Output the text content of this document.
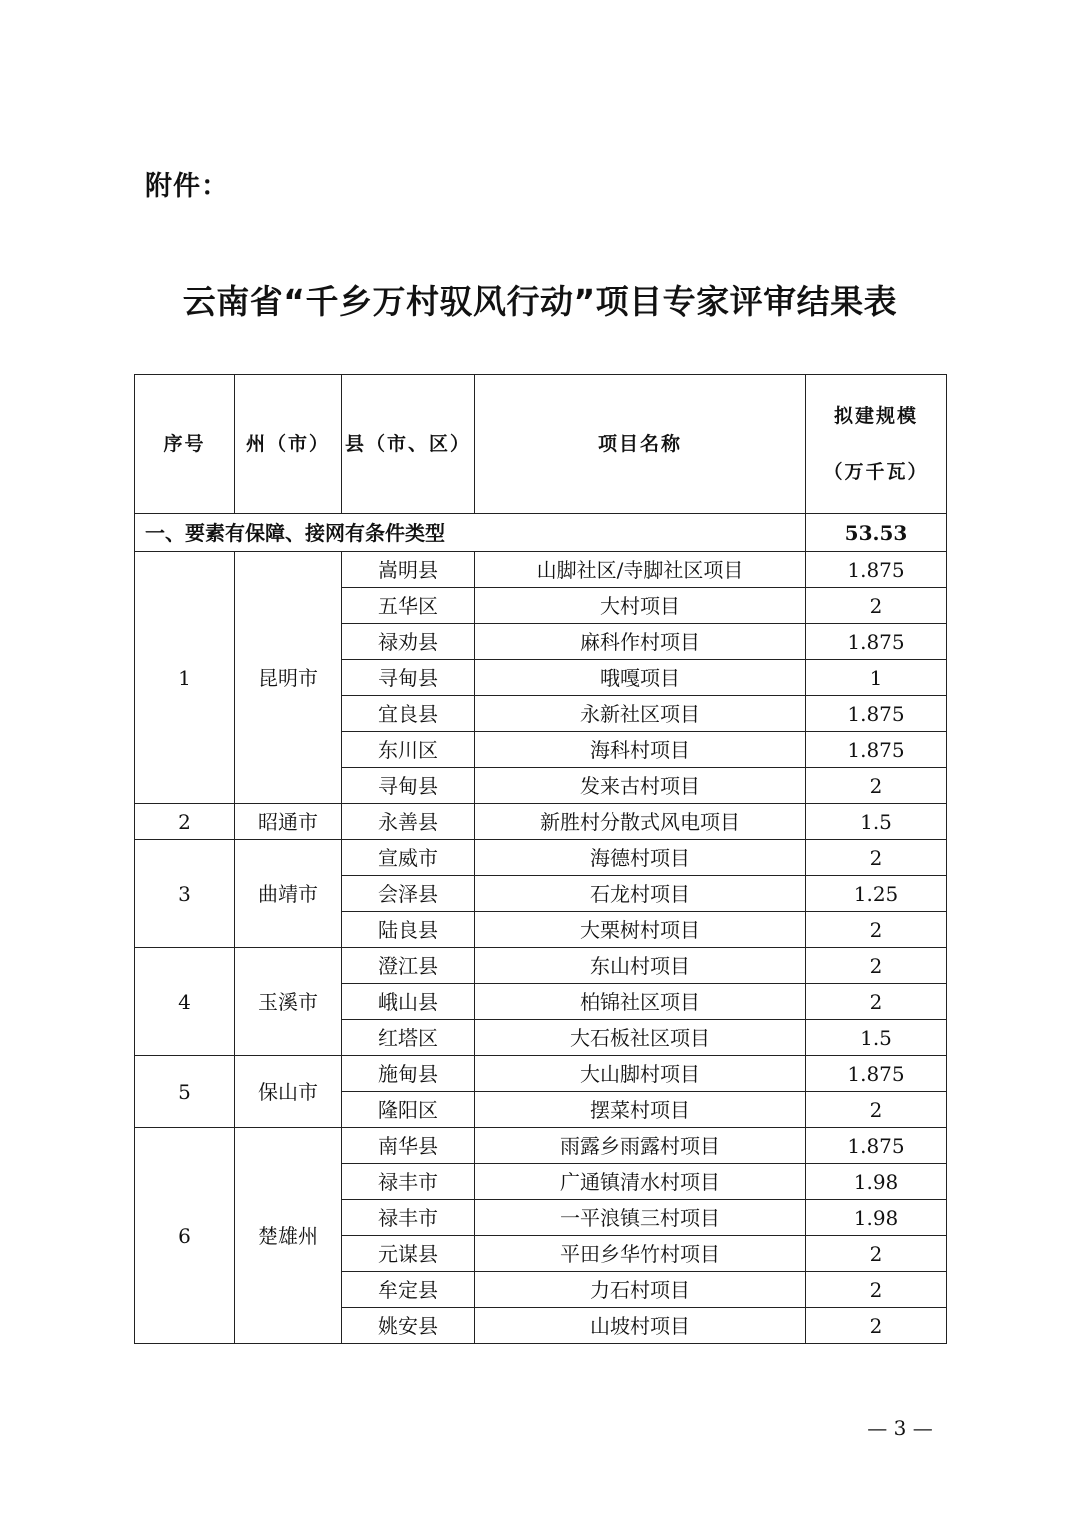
附件：
云南省“千乡万村驭风行动”项目专家评审结果表
序号	州（市）	县（市、区）	项目名称	拟建规模
（万千瓦）

一、要素有保障、接网有条件类型				53.53
1	昆明市	嵩明县	山脚社区/寺脚社区项目	1.875
		五华区	大村项目	2
		禄劝县	麻科作村项目	1.875
		寻甸县	哦嘎项目	1
		宜良县	永新社区项目	1.875
		东川区	海科村项目	1.875
		寻甸县	发来古村项目	2
2	昭通市	永善县	新胜村分散式风电项目	1.5
3	曲靖市	宣威市	海德村项目	2
		会泽县	石龙村项目	1.25
		陆良县	大栗树村项目	2
4	玉溪市	澄江县	东山村项目	2
		峨山县	柏锦社区项目	2
		红塔区	大石板社区项目	1.5
5	保山市	施甸县	大山脚村项目	1.875
		隆阳区	摆菜村项目	2
6	楚雄州	南华县	雨露乡雨露村项目	1.875
		禄丰市	广通镇清水村项目	1.98
		禄丰市	一平浪镇三村项目	1.98
		元谋县	平田乡华竹村项目	2
		牟定县	力石村项目	2
		姚安县	山坡村项目	2
— 3 —
